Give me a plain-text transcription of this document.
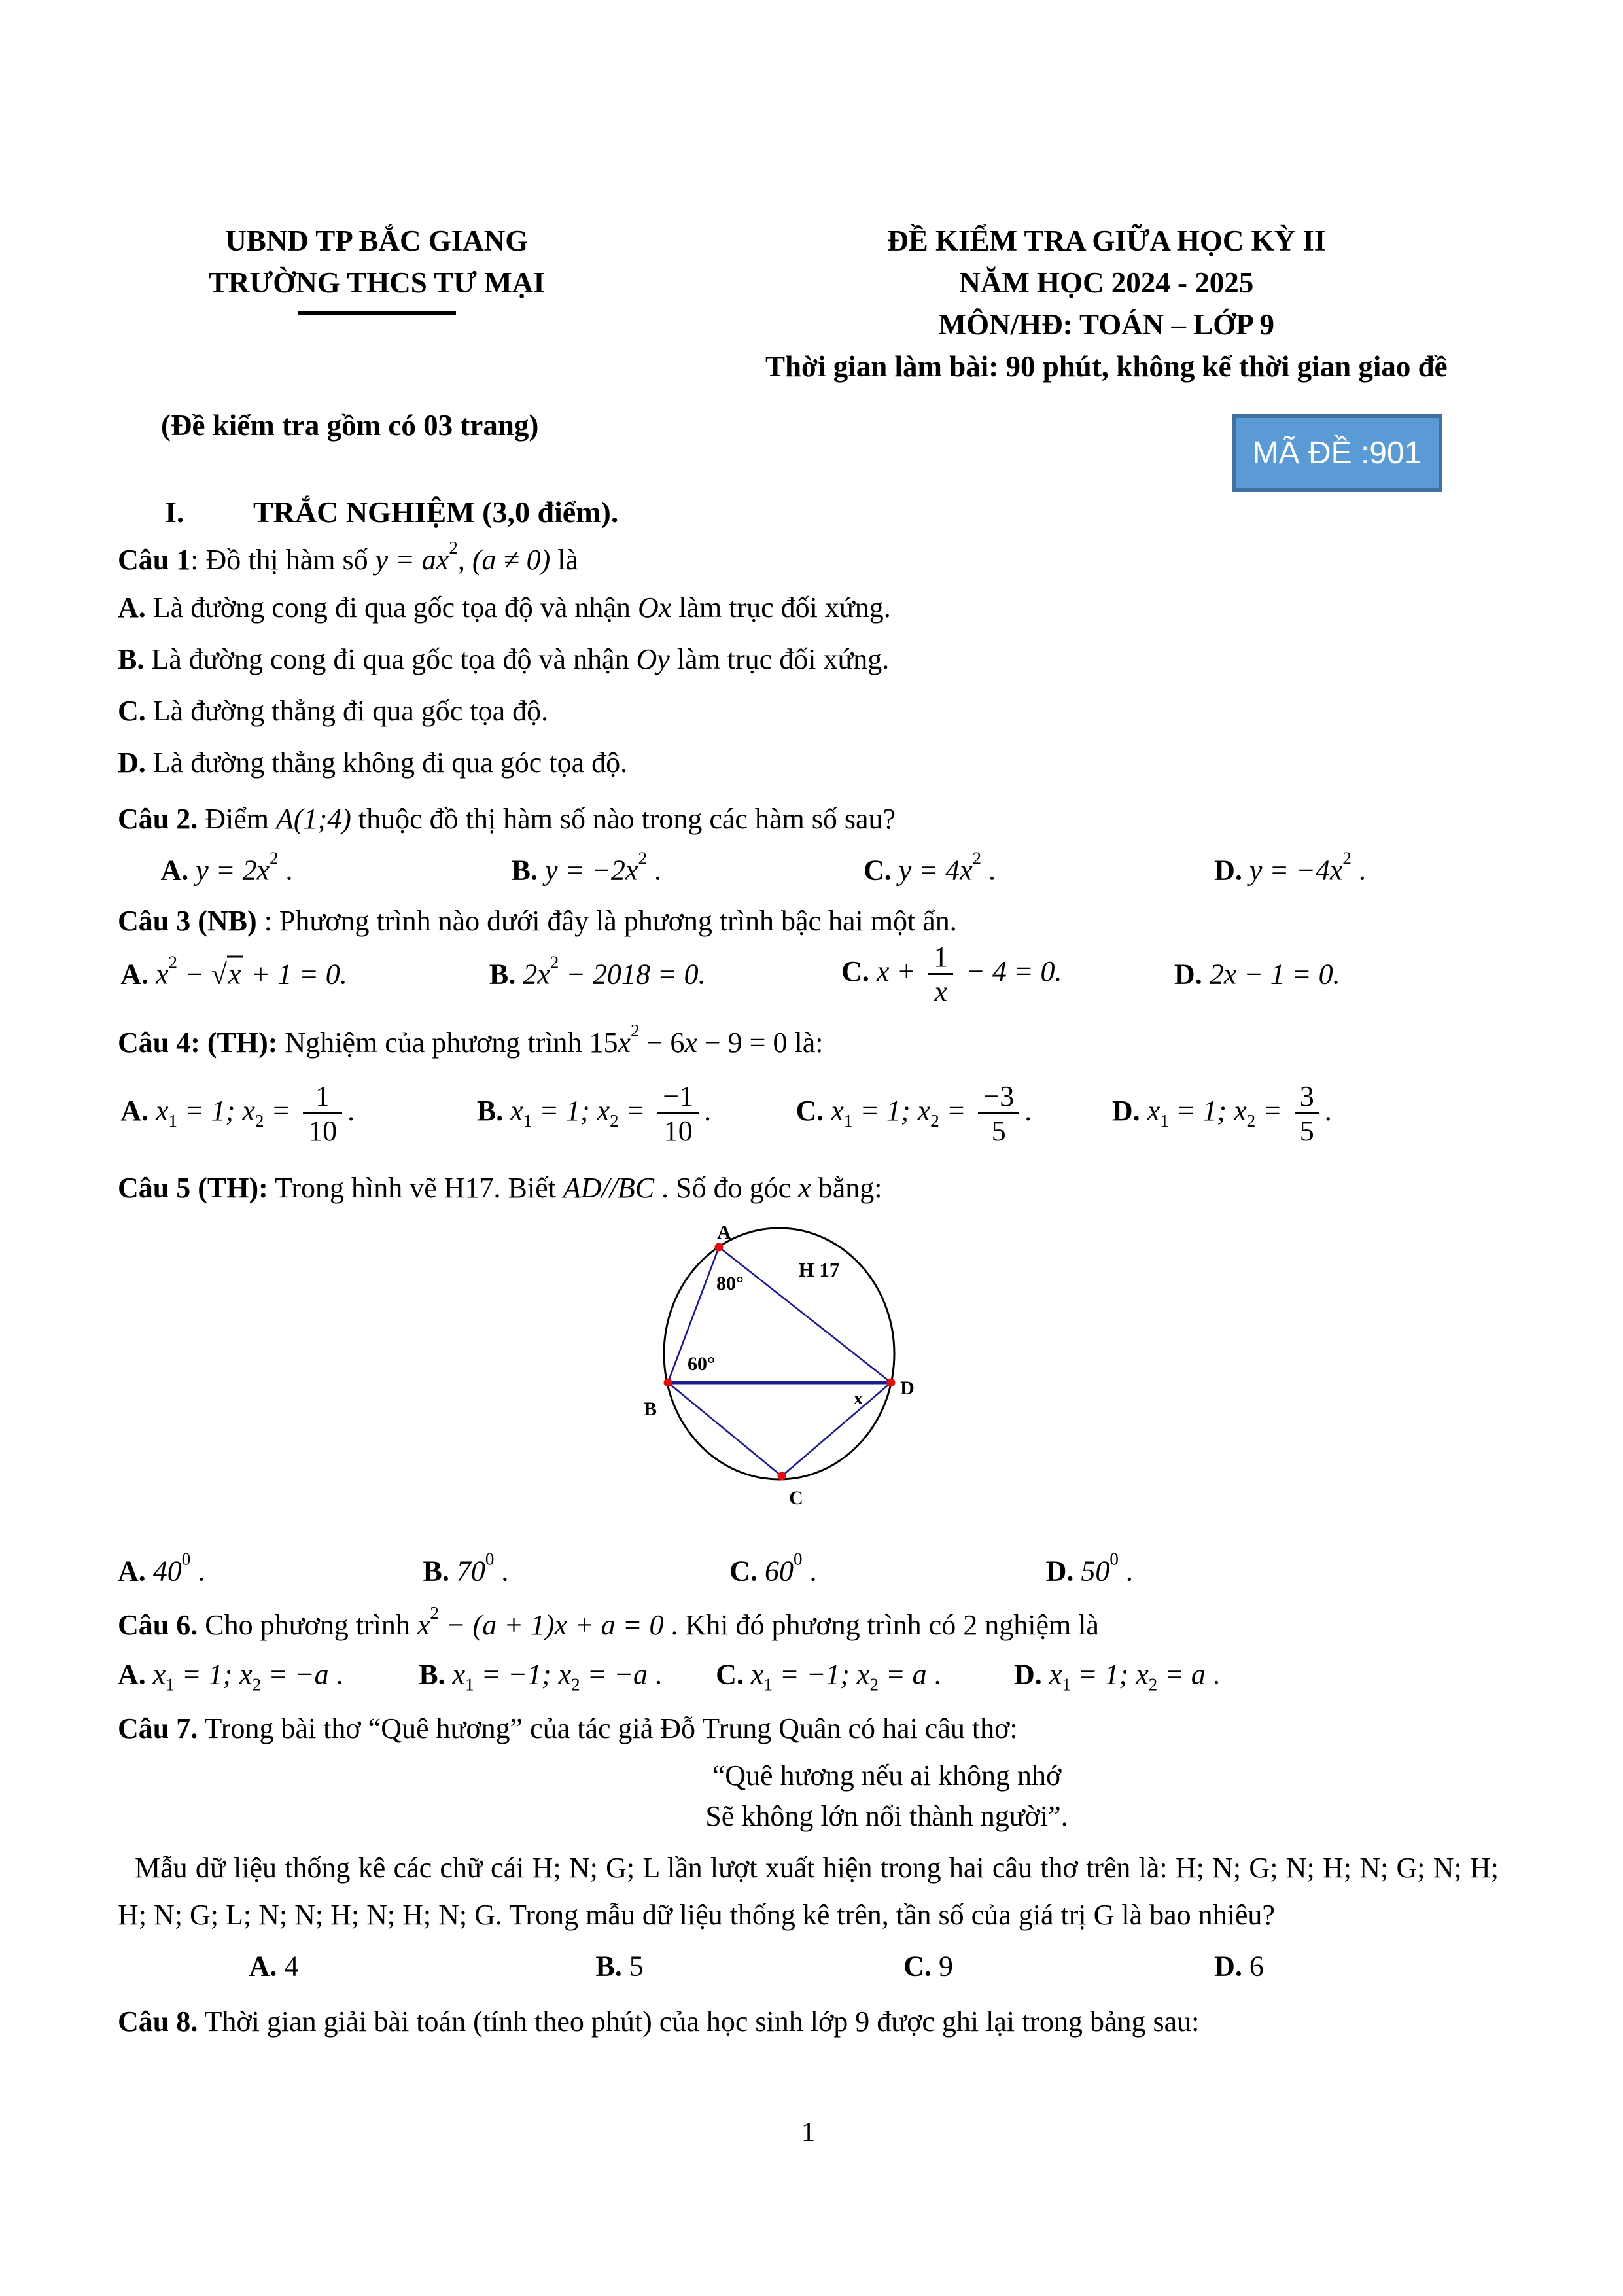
UBND TP BẮC GIANG
TRƯỜNG THCS TƯ MẠI
ĐỀ KIỂM TRA GIỮA HỌC KỲ II
NĂM HỌC 2024 - 2025
MÔN/HĐ: TOÁN – LỚP 9
Thời gian làm bài: 90 phút, không kể thời gian giao đề
(Đề kiểm tra gồm có 03 trang)
MÃ ĐỀ :901
I.	TRẮC NGHIỆM (3,0 điểm).
Câu 1: Đồ thị hàm số $y = ax^2$, (a ≠ 0) là
A. Là đường cong đi qua gốc tọa độ và nhận Ox làm trục đối xứng.
B. Là đường cong đi qua gốc tọa độ và nhận Oy làm trục đối xứng.
C. Là đường thẳng đi qua gốc tọa độ.
D. Là đường thẳng không đi qua góc tọa độ.
Câu 2. Điểm A(1;4) thuộc đồ thị hàm số nào trong các hàm số sau?
A. $y = 2x^2$ .	B. $y = -2x^2$ .	C. $y = 4x^2$ .	D. $y = -4x^2$ .
Câu 3 (NB) : Phương trình nào dưới đây là phương trình bậc hai một ẩn.
A. $x^2 - √x + 1 = 0$.	B. $2x^2 - 2018 = 0$.	C. $x + \frac{1}{x} - 4 = 0$.	D. 2x − 1 = 0.
Câu 4: (TH): Nghiệm của phương trình $15x^2 - 6x - 9 = 0$ là:
A. $x_1 = 1$; $x_2 = \frac{1}{10}$ .	B. $x_1 = 1$; $x_2 = \frac{-1}{10}$ .	C. $x_1 = 1$; $x_2 = \frac{-3}{5}$ .	D. $x_1 = 1$; $x_2 = \frac{3}{5}$ .
Câu 5 (TH): Trong hình vẽ H17. Biết AD//BC . Số đo góc x bằng:
A
H 17
80°
60°
B	x D
C
A. $40^0$ .	B. $70^0$ .	C. $60^0$ .	D. $50^0$ .
Câu 6. Cho phương trình $x^2 - (a + 1)x + a = 0$ . Khi đó phương trình có 2 nghiệm là
A. $x_1 = 1$; $x_2 = -a$ .	B. $x_1 = -1$; $x_2 = -a$ . C. $x_1 = -1$; $x_2 = a$ .	D. $x_1 = 1$; $x_2 = a$ .
Câu 7. Trong bài thơ “Quê hương” của tác giả Đỗ Trung Quân có hai câu thơ:
“Quê hương nếu ai không nhớ
Sẽ không lớn nổi thành người”.
Mẫu dữ liệu thống kê các chữ cái H; N; G; L lần lượt xuất hiện trong hai câu thơ trên là: H; N; G; N; H; N; G; N; H; H; N; G; L; N; N; H; N; H; N; G. Trong mẫu dữ liệu thống kê trên, tần số của giá trị G là bao nhiêu?
A. 4	B. 5	C. 9	D. 6
Câu 8. Thời gian giải bài toán (tính theo phút) của học sinh lớp 9 được ghi lại trong bảng sau:
1
